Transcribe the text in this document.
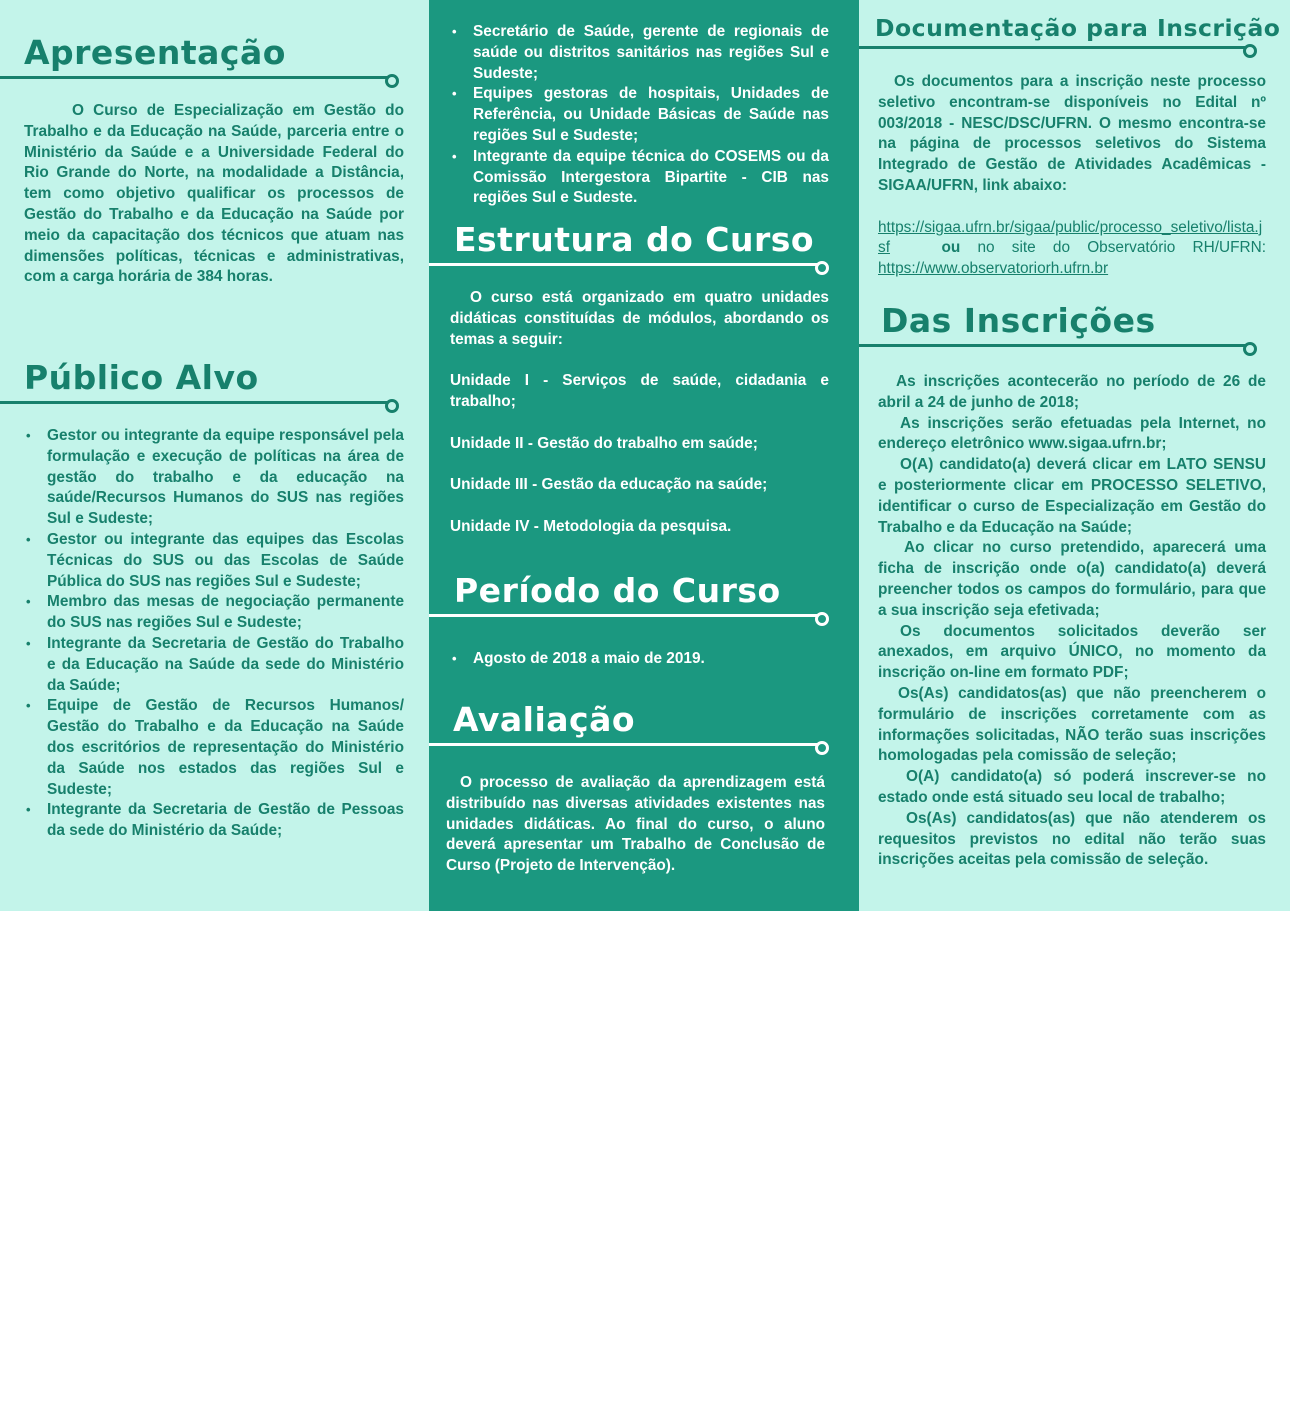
Apresentação

O Curso de Especialização em Gestão do Trabalho e da Educação na Saúde, parceria entre o Ministério da Saúde e a Universidade Federal do Rio Grande do Norte, na modalidade a Distância, tem como objetivo qualificar os processos de Gestão do Trabalho e da Educação na Saúde por meio da capacitação dos técnicos que atuam nas dimensões políticas, técnicas e administrativas, com a carga horária de 384 horas.

Público Alvo
• Gestor ou integrante da equipe responsável pela formulação e execução de políticas na área de gestão do trabalho e da educação na saúde/Recursos Humanos do SUS nas regiões Sul e Sudeste;
• Gestor ou integrante das equipes das Escolas Técnicas do SUS ou das Escolas de Saúde Pública do SUS nas regiões Sul e Sudeste;
• Membro das mesas de negociação permanente do SUS nas regiões Sul e Sudeste;
• Integrante da Secretaria de Gestão do Trabalho e da Educação na Saúde da sede do Ministério da Saúde;
• Equipe de Gestão de Recursos Humanos/ Gestão do Trabalho e da Educação na Saúde dos escritórios de representação do Ministério da Saúde nos estados das regiões Sul e Sudeste;
• Integrante da Secretaria de Gestão de Pessoas da sede do Ministério da Saúde;
• Secretário de Saúde, gerente de regionais de saúde ou distritos sanitários nas regiões Sul e Sudeste;
• Equipes gestoras de hospitais, Unidades de Referência, ou Unidade Básicas de Saúde nas regiões Sul e Sudeste;
• Integrante da equipe técnica do COSEMS ou da Comissão Intergestora Bipartite - CIB nas regiões Sul e Sudeste.
Estrutura do Curso

O curso está organizado em quatro unidades didáticas constituídas de módulos, abordando os temas a seguir:

Unidade I - Serviços de saúde, cidadania e trabalho;

Unidade II - Gestão do trabalho em saúde;

Unidade III - Gestão da educação na saúde;

Unidade IV - Metodologia da pesquisa.

Período do Curso
• Agosto de 2018 a maio de 2019.
Avaliação

O processo de avaliação da aprendizagem está distribuído nas diversas atividades existentes nas unidades didáticas. Ao final do curso, o aluno deverá apresentar um Trabalho de Conclusão de Curso (Projeto de Intervenção).

Documentação para Inscrição

Os documentos para a inscrição neste processo seletivo encontram-se disponíveis no Edital nº 003/2018 - NESC/DSC/UFRN. O mesmo encontra-se na página de processos seletivos do Sistema Integrado de Gestão de Atividades Acadêmicas - SIGAA/UFRN, link abaixo:

https://sigaa.ufrn.br/sigaa/public/processo_seletivo/lista.jsf	ou no site do Observatório RH/UFRN: https://www.observatoriorh.ufrn.br

Das Inscrições

As inscrições acontecerão no período de 26 de abril a 24 de junho de 2018;

As inscrições serão efetuadas pela Internet, no endereço eletrônico www.sigaa.ufrn.br;

O(A) candidato(a) deverá clicar em LATO SENSU e posteriormente clicar em PROCESSO SELETIVO, identificar o curso de Especialização em Gestão do Trabalho e da Educação na Saúde;

Ao clicar no curso pretendido, aparecerá uma ficha de inscrição onde o(a) candidato(a) deverá preencher todos os campos do formulário, para que a sua inscrição seja efetivada;

Os documentos solicitados deverão ser anexados, em arquivo ÚNICO, no momento da inscrição on-line em formato PDF;

Os(As) candidatos(as) que não preencherem o formulário de inscrições corretamente com as informações solicitadas, NÃO terão suas inscrições homologadas pela comissão de seleção;

O(A) candidato(a) só poderá inscrever-se no estado onde está situado seu local de trabalho;

Os(As) candidatos(as) que não atenderem os requesitos previstos no edital não terão suas inscrições aceitas pela comissão de seleção.
